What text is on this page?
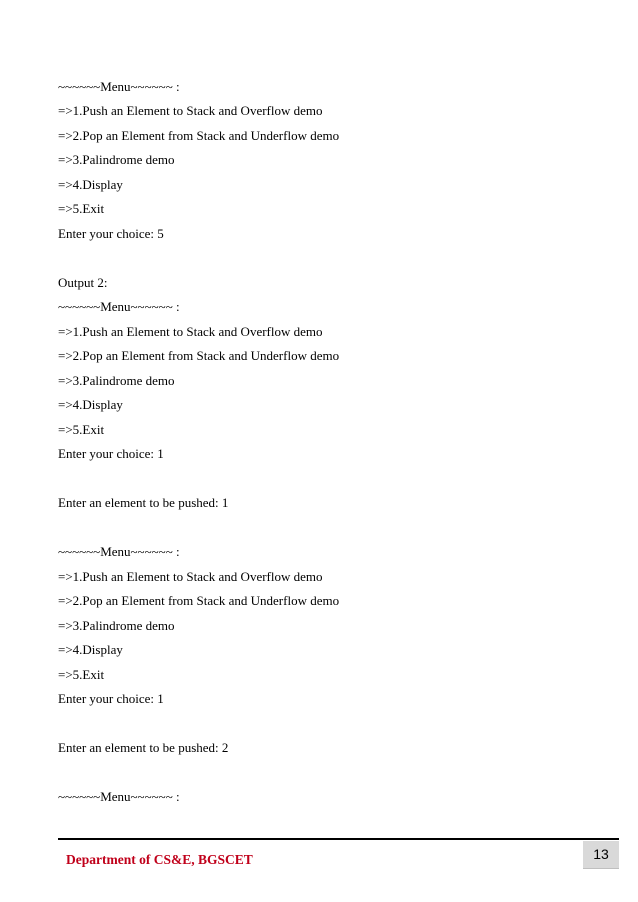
~~~~~~Menu~~~~~~ :
=>1.Push an Element to Stack and Overflow demo
=>2.Pop an Element from Stack and Underflow demo
=>3.Palindrome demo
=>4.Display
=>5.Exit
Enter your choice: 5
Output 2:
~~~~~~Menu~~~~~~ :
=>1.Push an Element to Stack and Overflow demo
=>2.Pop an Element from Stack and Underflow demo
=>3.Palindrome demo
=>4.Display
=>5.Exit
Enter your choice: 1
Enter an element to be pushed: 1
~~~~~~Menu~~~~~~ :
=>1.Push an Element to Stack and Overflow demo
=>2.Pop an Element from Stack and Underflow demo
=>3.Palindrome demo
=>4.Display
=>5.Exit
Enter your choice: 1
Enter an element to be pushed: 2
~~~~~~Menu~~~~~~ :
Department of CS&E, BGSCET	13
